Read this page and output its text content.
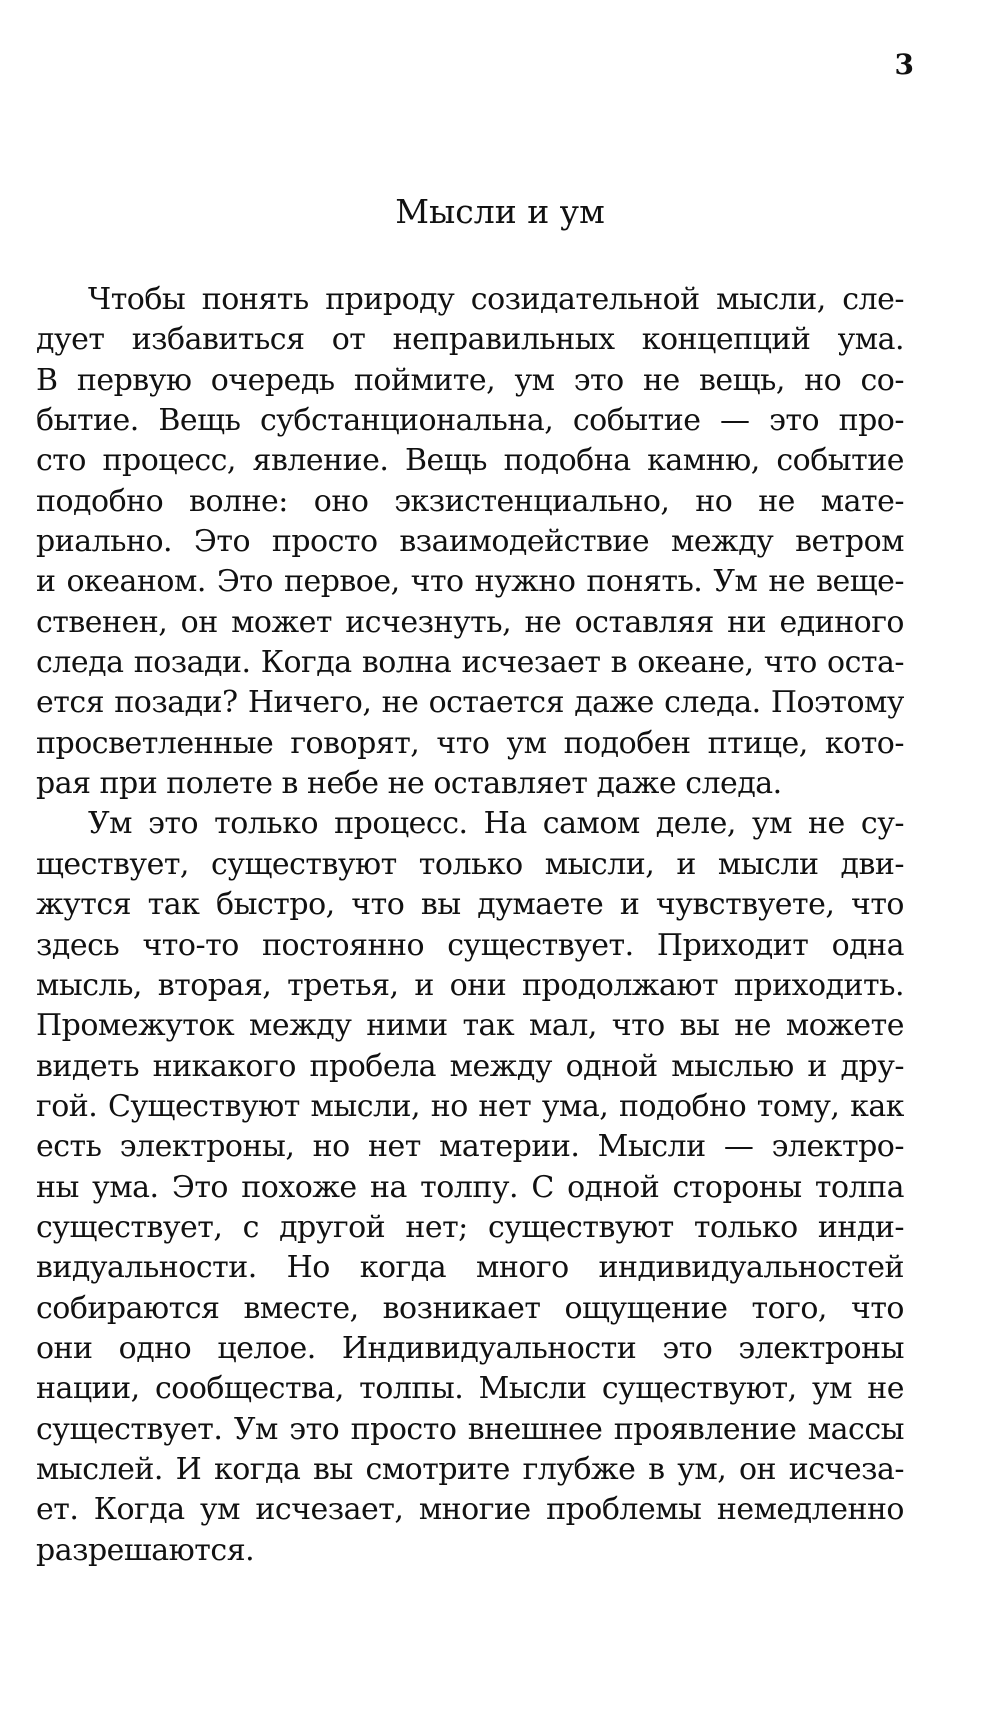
3
Мысли и ум
Чтобы понять природу созидательной мысли, сле-
дует избавиться от неправильных концепций ума.
В первую очередь поймите, ум это не вещь, но со-
бытие. Вещь субстанциональна, событие — это про-
сто процесс, явление. Вещь подобна камню, событие
подобно волне: оно экзистенциально, но не мате-
риально. Это просто взаимодействие между ветром
и океаном. Это первое, что нужно понять. Ум не веще-
ственен, он может исчезнуть, не оставляя ни единого
следа позади. Когда волна исчезает в океане, что оста-
ется позади? Ничего, не остается даже следа. Поэтому
просветленные говорят, что ум подобен птице, кото-
рая при полете в небе не оставляет даже следа.
Ум это только процесс. На самом деле, ум не су-
ществует, существуют только мысли, и мысли дви-
жутся так быстро, что вы думаете и чувствуете, что
здесь что-то постоянно существует. Приходит одна
мысль, вторая, третья, и они продолжают приходить.
Промежуток между ними так мал, что вы не можете
видеть никакого пробела между одной мыслью и дру-
гой. Существуют мысли, но нет ума, подобно тому, как
есть электроны, но нет материи. Мысли — электро-
ны ума. Это похоже на толпу. С одной стороны толпа
существует, с другой нет; существуют только инди-
видуальности. Но когда много индивидуальностей
собираются вместе, возникает ощущение того, что
они одно целое. Индивидуальности это электроны
нации, сообщества, толпы. Мысли существуют, ум не
существует. Ум это просто внешнее проявление массы
мыслей. И когда вы смотрите глубже в ум, он исчеза-
ет. Когда ум исчезает, многие проблемы немедленно
разрешаются.
